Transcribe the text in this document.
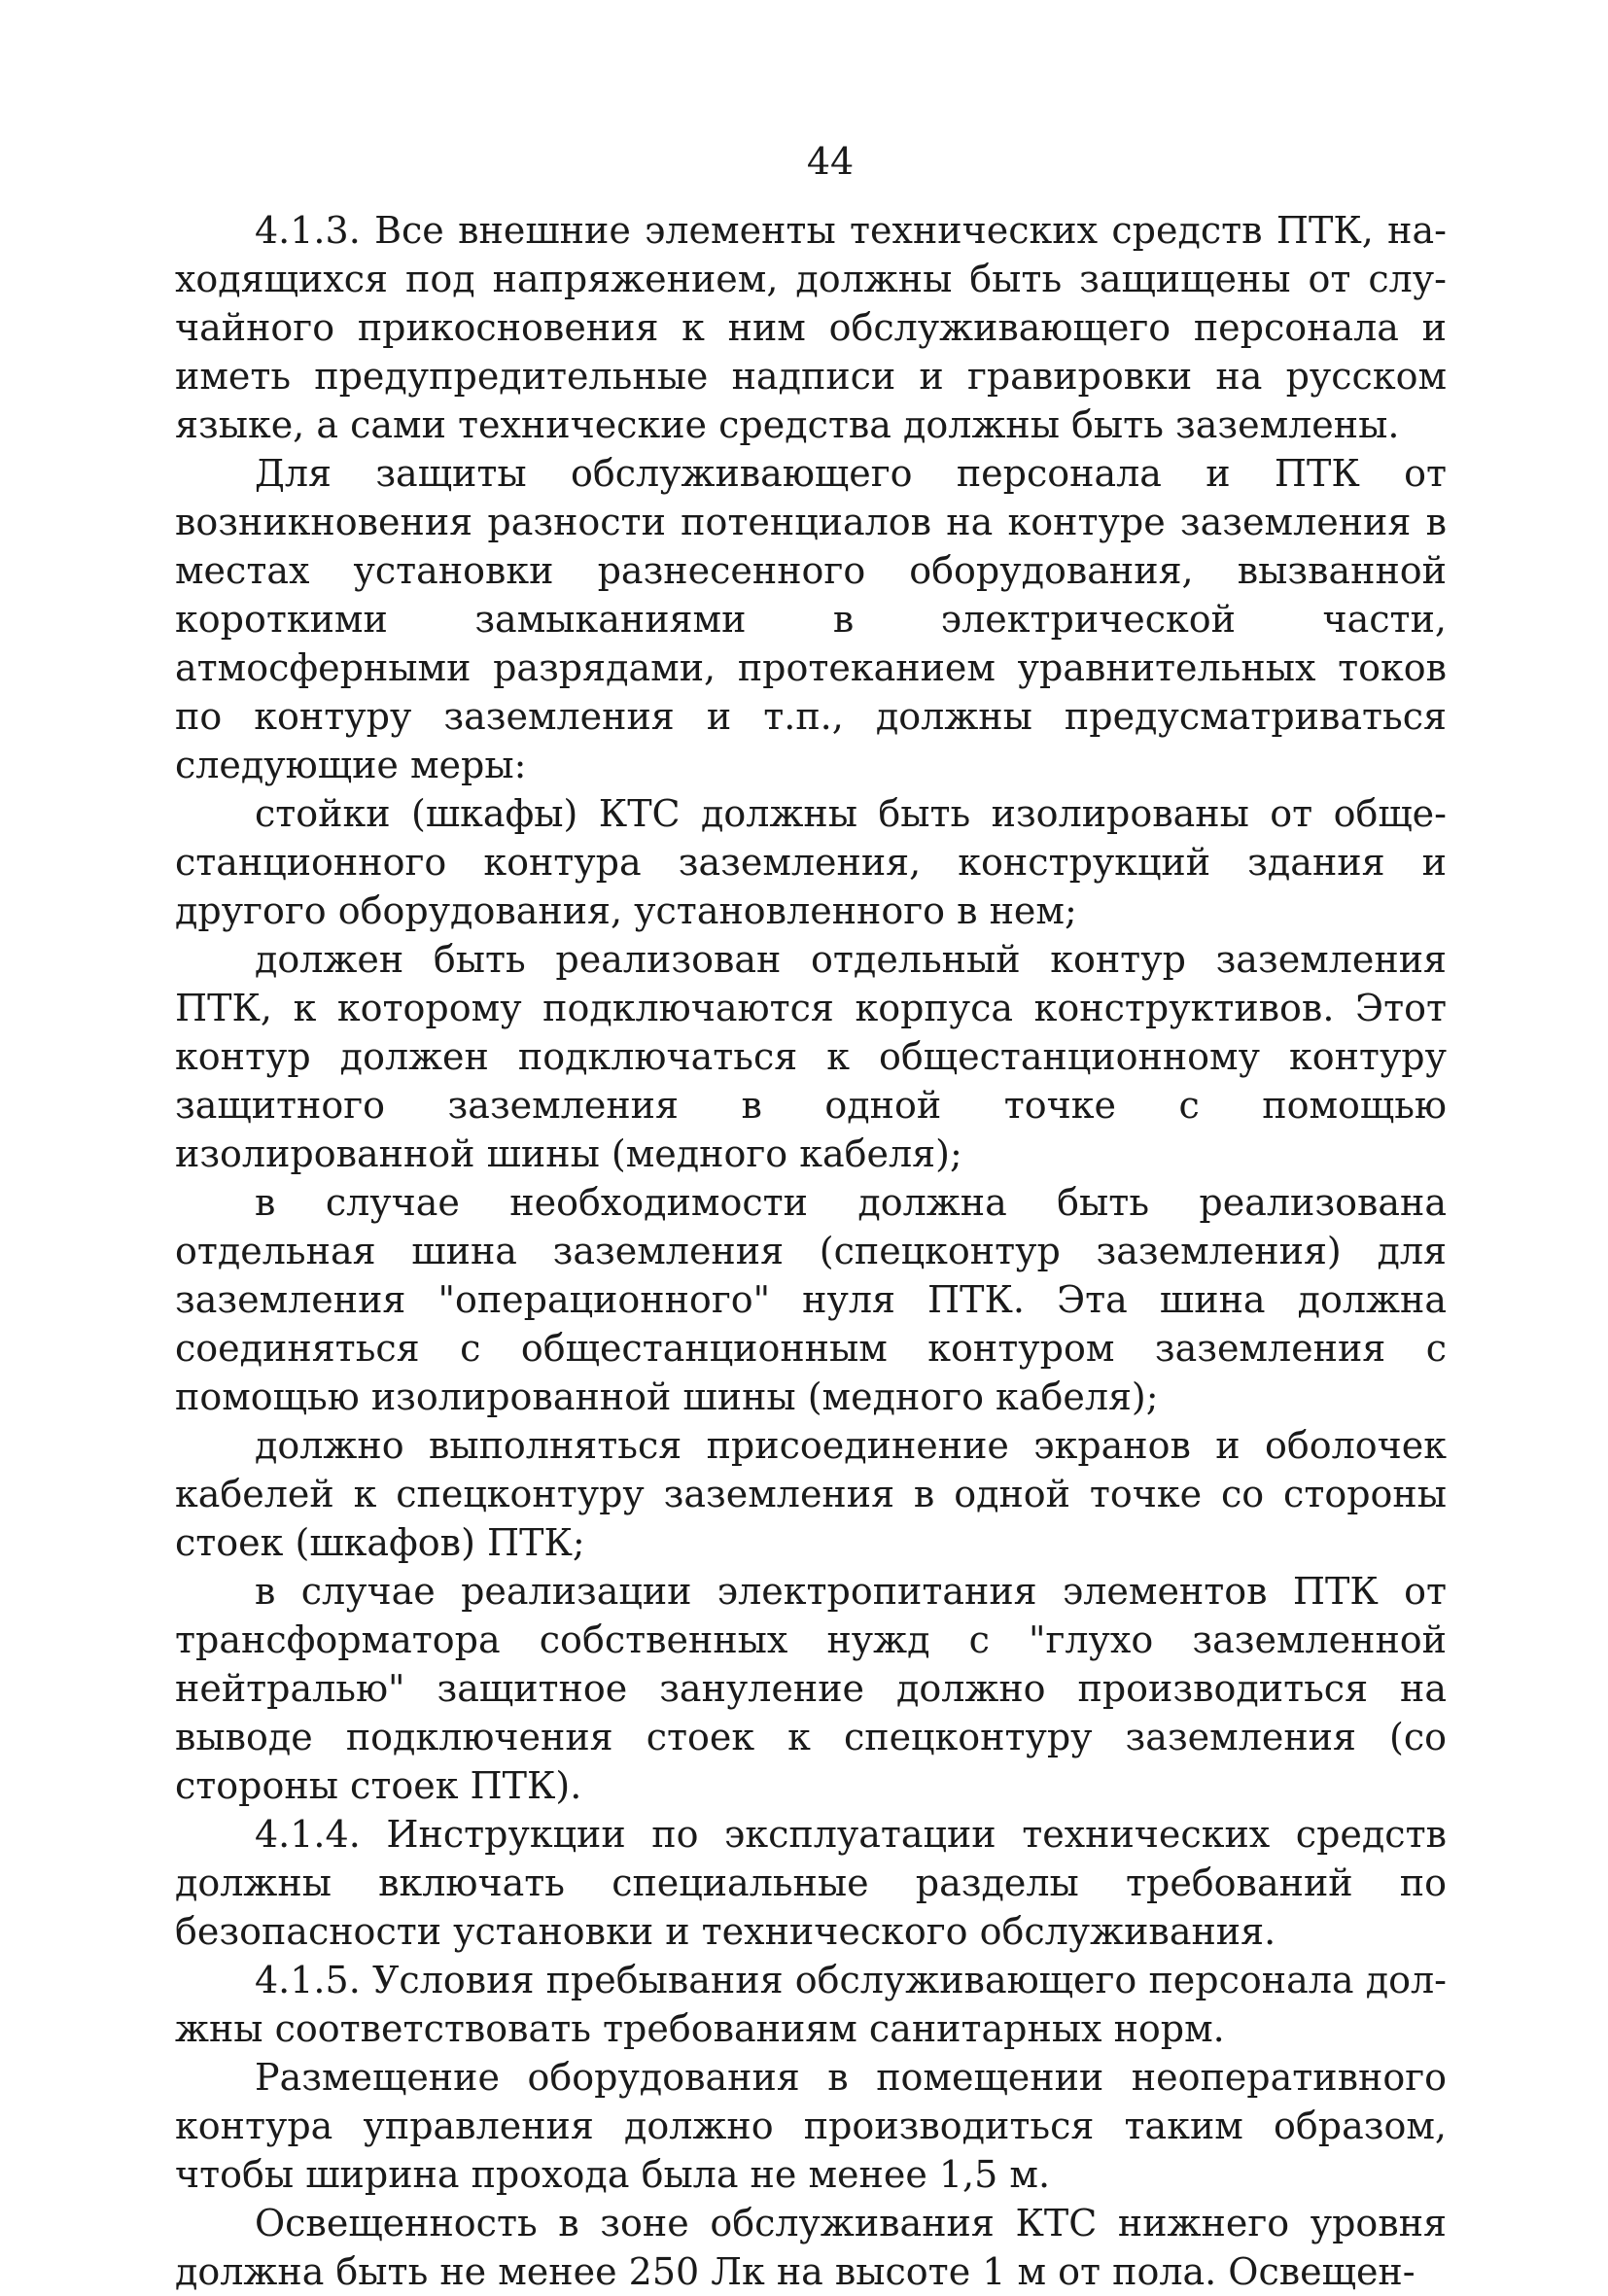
44

4.1.3. Все внешние элементы технических средств ПТК, находящихся под напряжением, должны быть защищены от случайного прикосновения к ним обслуживающего персонала и иметь предупредительные надписи и гравировки на русском языке, а сами технические средства должны быть заземлены.

Для защиты обслуживающего персонала и ПТК от возникновения разности потенциалов на контуре заземления в местах установки разнесенного оборудования, вызванной короткими замыканиями в электрической части, атмосферными разрядами, протеканием уравнительных токов по контуру заземления и т.п., должны предусматриваться следующие меры:

стойки (шкафы) КТС должны быть изолированы от общестанционного контура заземления, конструкций здания и другого оборудования, установленного в нем;

должен быть реализован отдельный контур заземления ПТК, к которому подключаются корпуса конструктивов. Этот контур должен подключаться к общестанционному контуру защитного заземления в одной точке с помощью изолированной шины (медного кабеля);

в случае необходимости должна быть реализована отдельная шина заземления (спецконтур заземления) для заземления "операционного" нуля ПТК. Эта шина должна соединяться с общестанционным контуром заземления с помощью изолированной шины (медного кабеля);

должно выполняться присоединение экранов и оболочек кабелей к спецконтуру заземления в одной точке со стороны стоек (шкафов) ПТК;

в случае реализации электропитания элементов ПТК от трансформатора собственных нужд с "глухо заземленной нейтралью" защитное зануление должно производиться на выводе подключения стоек к спецконтуру заземления (со стороны стоек ПТК).

4.1.4. Инструкции по эксплуатации технических средств должны включать специальные разделы требований по безопасности установки и технического обслуживания.

4.1.5. Условия пребывания обслуживающего персонала должны соответствовать требованиям санитарных норм.

Размещение оборудования в помещении неоперативного контура управления должно производиться таким образом, чтобы ширина прохода была не менее 1,5 м.

Освещенность в зоне обслуживания КТС нижнего уровня должна быть не менее 250 Лк на высоте 1 м от пола. Освещен-
